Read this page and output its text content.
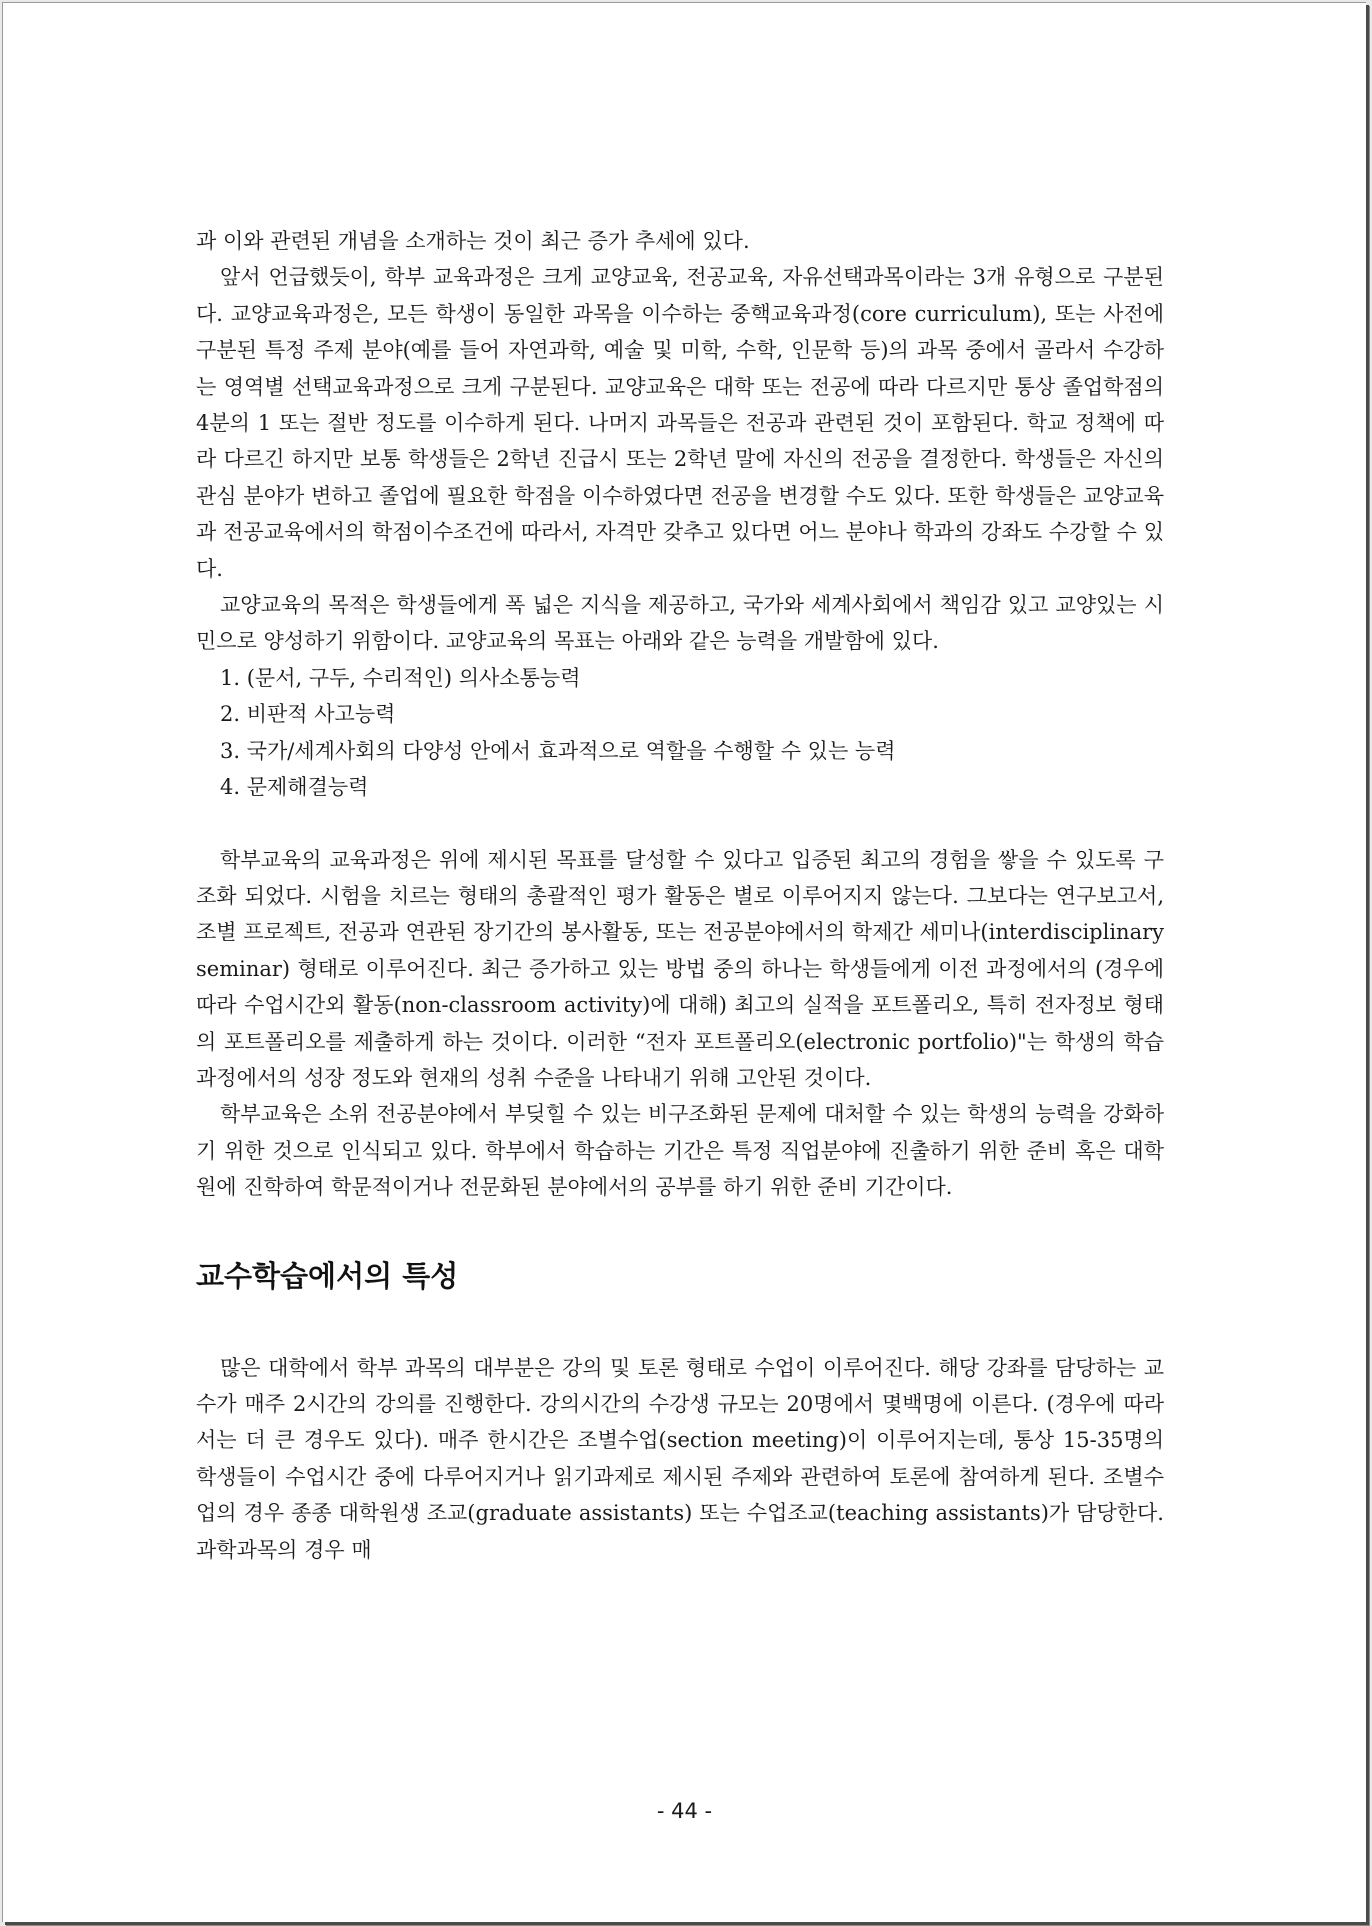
과 이와 관련된 개념을 소개하는 것이 최근 증가 추세에 있다.

앞서 언급했듯이, 학부 교육과정은 크게 교양교육, 전공교육, 자유선택과목이라는 3개 유형으로 구분된다. 교양교육과정은, 모든 학생이 동일한 과목을 이수하는 중핵교육과정(core curriculum), 또는 사전에 구분된 특정 주제 분야(예를 들어 자연과학, 예술 및 미학, 수학, 인문학 등)의 과목 중에서 골라서 수강하는 영역별 선택교육과정으로 크게 구분된다. 교양교육은 대학 또는 전공에 따라 다르지만 통상 졸업학점의 4분의 1 또는 절반 정도를 이수하게 된다. 나머지 과목들은 전공과 관련된 것이 포함된다. 학교 정책에 따라 다르긴 하지만 보통 학생들은 2학년 진급시 또는 2학년 말에 자신의 전공을 결정한다. 학생들은 자신의 관심 분야가 변하고 졸업에 필요한 학점을 이수하였다면 전공을 변경할 수도 있다. 또한 학생들은 교양교육과 전공교육에서의 학점이수조건에 따라서, 자격만 갖추고 있다면 어느 분야나 학과의 강좌도 수강할 수 있다.

교양교육의 목적은 학생들에게 폭 넓은 지식을 제공하고, 국가와 세계사회에서 책임감 있고 교양있는 시민으로 양성하기 위함이다. 교양교육의 목표는 아래와 같은 능력을 개발함에 있다.

1. (문서, 구두, 수리적인) 의사소통능력
2. 비판적 사고능력
3. 국가/세계사회의 다양성 안에서 효과적으로 역할을 수행할 수 있는 능력
4. 문제해결능력

학부교육의 교육과정은 위에 제시된 목표를 달성할 수 있다고 입증된 최고의 경험을 쌓을 수 있도록 구조화 되었다. 시험을 치르는 형태의 총괄적인 평가 활동은 별로 이루어지지 않는다. 그보다는 연구보고서, 조별 프로젝트, 전공과 연관된 장기간의 봉사활동, 또는 전공분야에서의 학제간 세미나(interdisciplinary seminar) 형태로 이루어진다. 최근 증가하고 있는 방법 중의 하나는 학생들에게 이전 과정에서의 (경우에 따라 수업시간외 활동(non-classroom activity)에 대해) 최고의 실적을 포트폴리오, 특히 전자정보 형태의 포트폴리오를 제출하게 하는 것이다. 이러한 “전자 포트폴리오(electronic portfolio)"는 학생의 학습과정에서의 성장 정도와 현재의 성취 수준을 나타내기 위해 고안된 것이다.

학부교육은 소위 전공분야에서 부딪힐 수 있는 비구조화된 문제에 대처할 수 있는 학생의 능력을 강화하기 위한 것으로 인식되고 있다. 학부에서 학습하는 기간은 특정 직업분야에 진출하기 위한 준비 혹은 대학원에 진학하여 학문적이거나 전문화된 분야에서의 공부를 하기 위한 준비 기간이다.

교수학습에서의 특성

많은 대학에서 학부 과목의 대부분은 강의 및 토론 형태로 수업이 이루어진다. 해당 강좌를 담당하는 교수가 매주 2시간의 강의를 진행한다. 강의시간의 수강생 규모는 20명에서 몇백명에 이른다. (경우에 따라서는 더 큰 경우도 있다). 매주 한시간은 조별수업(section meeting)이 이루어지는데, 통상 15-35명의 학생들이 수업시간 중에 다루어지거나 읽기과제로 제시된 주제와 관련하여 토론에 참여하게 된다. 조별수업의 경우 종종 대학원생 조교(graduate assistants) 또는 수업조교(teaching assistants)가 담당한다. 과학과목의 경우 매

- 44 -
